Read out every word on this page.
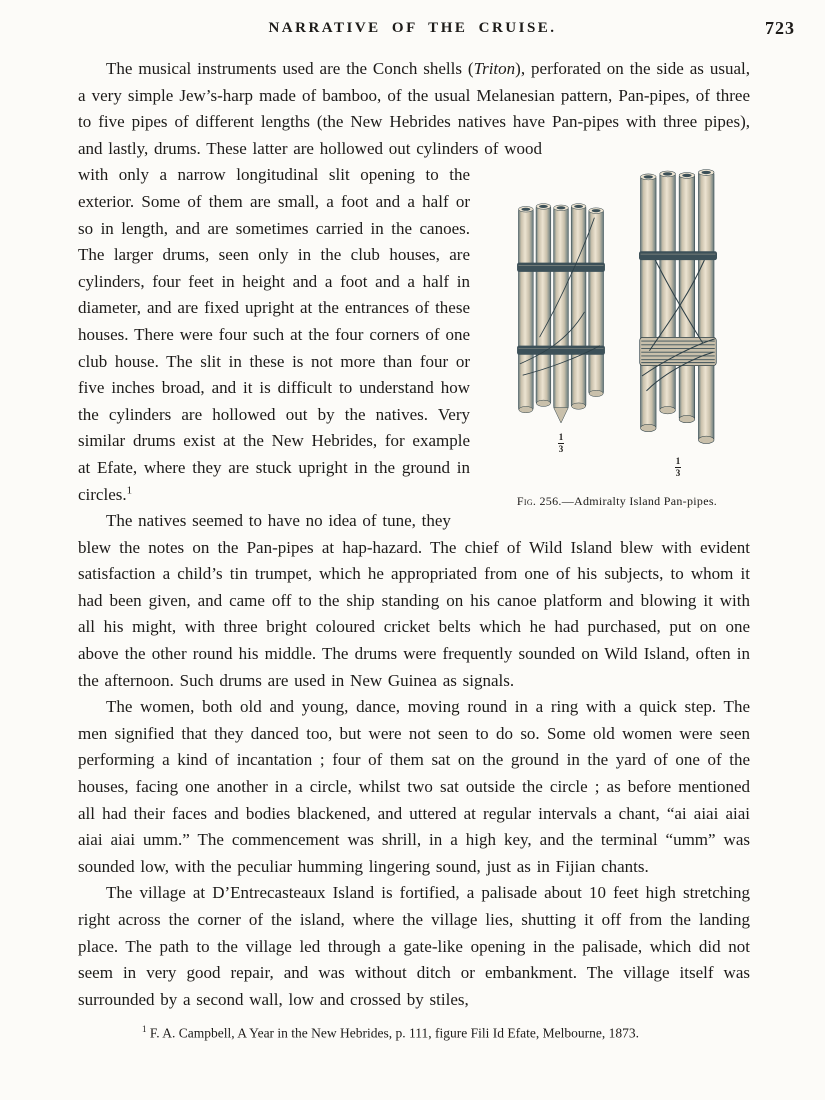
NARRATIVE OF THE CRUISE.	723

The musical instruments used are the Conch shells (Triton), perforated on the side as usual, a very simple Jew’s-harp made of bamboo, of the usual Melanesian pattern, Pan-pipes, of three to five pipes of different lengths (the New Hebrides natives have Pan-pipes with three pipes), and lastly, drums. These latter are hollowed out cylinders of wood

with only a narrow longitudinal slit opening to the exterior. Some of them are small, a foot and a half or so in length, and are sometimes carried in the canoes. The larger drums, seen only in the club houses, are cylinders, four feet in height and a foot and a half in diameter, and are fixed upright at the entrances of these houses. There were four such at the four corners of one club house. The slit in these is not more than four or five inches broad, and it is difficult to understand how the cylinders are hollowed out by the natives. Very similar drums exist at the New Hebrides, for example at Efate, where they are stuck upright in the ground in circles.$^1$

The natives seemed to have no idea of tune, they

$\frac{1}{3}$
$\frac{1}{3}$
Fig. 256.—Admiralty Island Pan-pipes.

blew the notes on the Pan-pipes at hap-hazard. The chief of Wild Island blew with evident satisfaction a child’s tin trumpet, which he appropriated from one of his subjects, to whom it had been given, and came off to the ship standing on his canoe platform and blowing it with all his might, with three bright coloured cricket belts which he had purchased, put on one above the other round his middle. The drums were frequently sounded on Wild Island, often in the afternoon. Such drums are used in New Guinea as signals.

The women, both old and young, dance, moving round in a ring with a quick step. The men signified that they danced too, but were not seen to do so. Some old women were seen performing a kind of incantation ; four of them sat on the ground in the yard of one of the houses, facing one another in a circle, whilst two sat outside the circle ; as before mentioned all had their faces and bodies blackened, and uttered at regular intervals a chant, “ai aiai aiai aiai aiai umm.” The commencement was shrill, in a high key, and the terminal “umm” was sounded low, with the peculiar humming lingering sound, just as in Fijian chants.

The village at D’Entrecasteaux Island is fortified, a palisade about 10 feet high stretching right across the corner of the island, where the village lies, shutting it off from the landing place. The path to the village led through a gate-like opening in the palisade, which did not seem in very good repair, and was without ditch or embankment. The village itself was surrounded by a second wall, low and crossed by stiles,

$^1$ F. A. Campbell, A Year in the New Hebrides, p. 111, figure Fili Id Efate, Melbourne, 1873.
